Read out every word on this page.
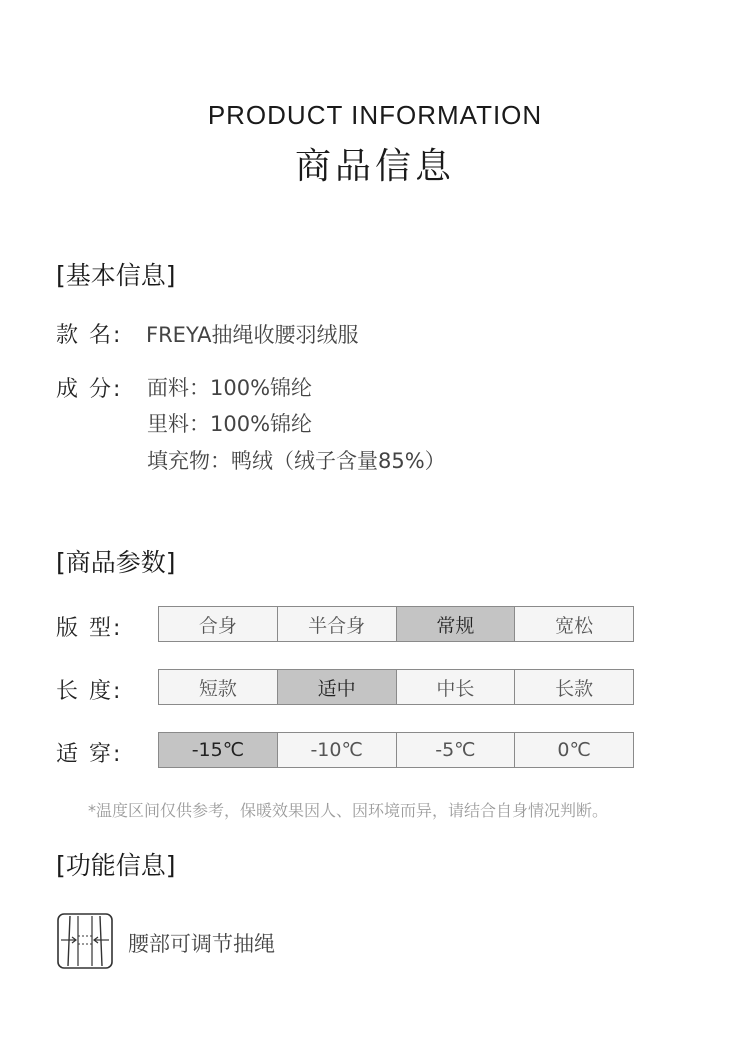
PRODUCT INFORMATION
商品信息
[基本信息]
款 名: FREYA抽绳收腰羽绒服
成 分:	面料：100%锦纶
里料：100%锦纶
填充物：鸭绒（绒子含量85%）
[商品参数]
版 型:	合身	半合身	常规	宽松
长 度:	短款	适中	中长	长款
适 穿:	-15℃	-10℃	-5℃	0℃
*温度区间仅供参考，保暖效果因人、因环境而异，请结合自身情况判断。
[功能信息]
腰部可调节抽绳
